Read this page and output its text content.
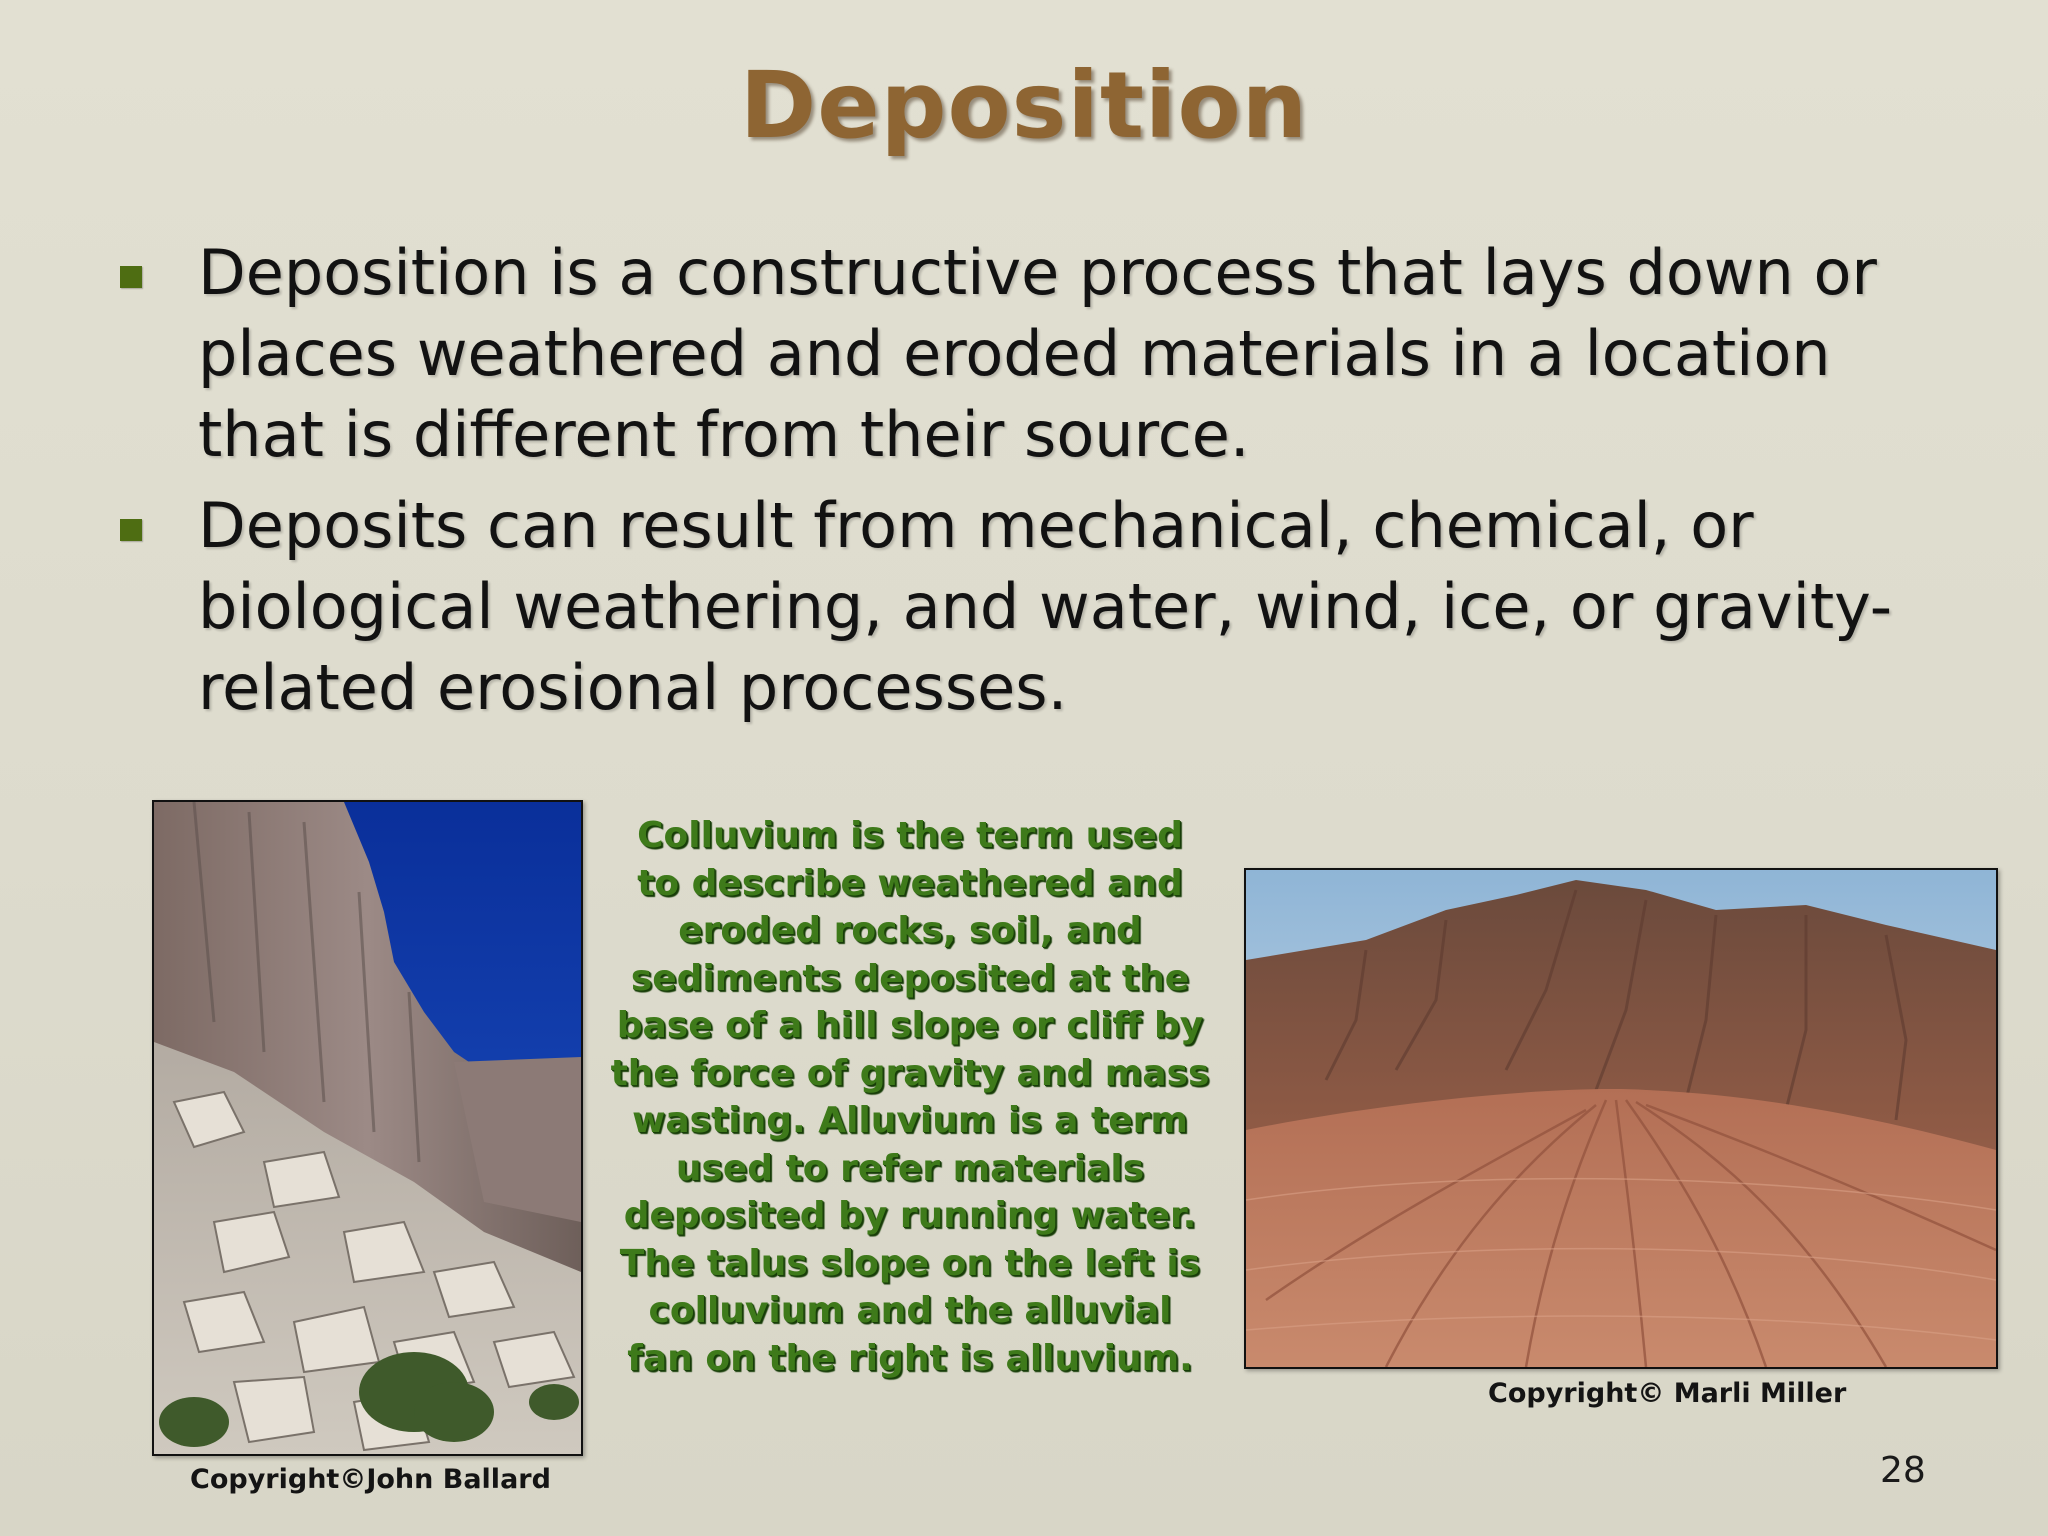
Deposition
Deposition is a constructive process that lays down or places weathered and eroded materials in a location that is different from their source.
Deposits can result from mechanical, chemical, or biological weathering, and water, wind, ice, or gravity-related erosional processes.
Colluvium is the term used to describe weathered and eroded rocks, soil, and sediments deposited at the base of a hill slope or cliff by the force of gravity and mass wasting. Alluvium is a term used to refer materials deposited by running water. The talus slope on the left is colluvium and the alluvial fan on the right is alluvium.
Copyright©John Ballard
Copyright© Marli Miller
28
